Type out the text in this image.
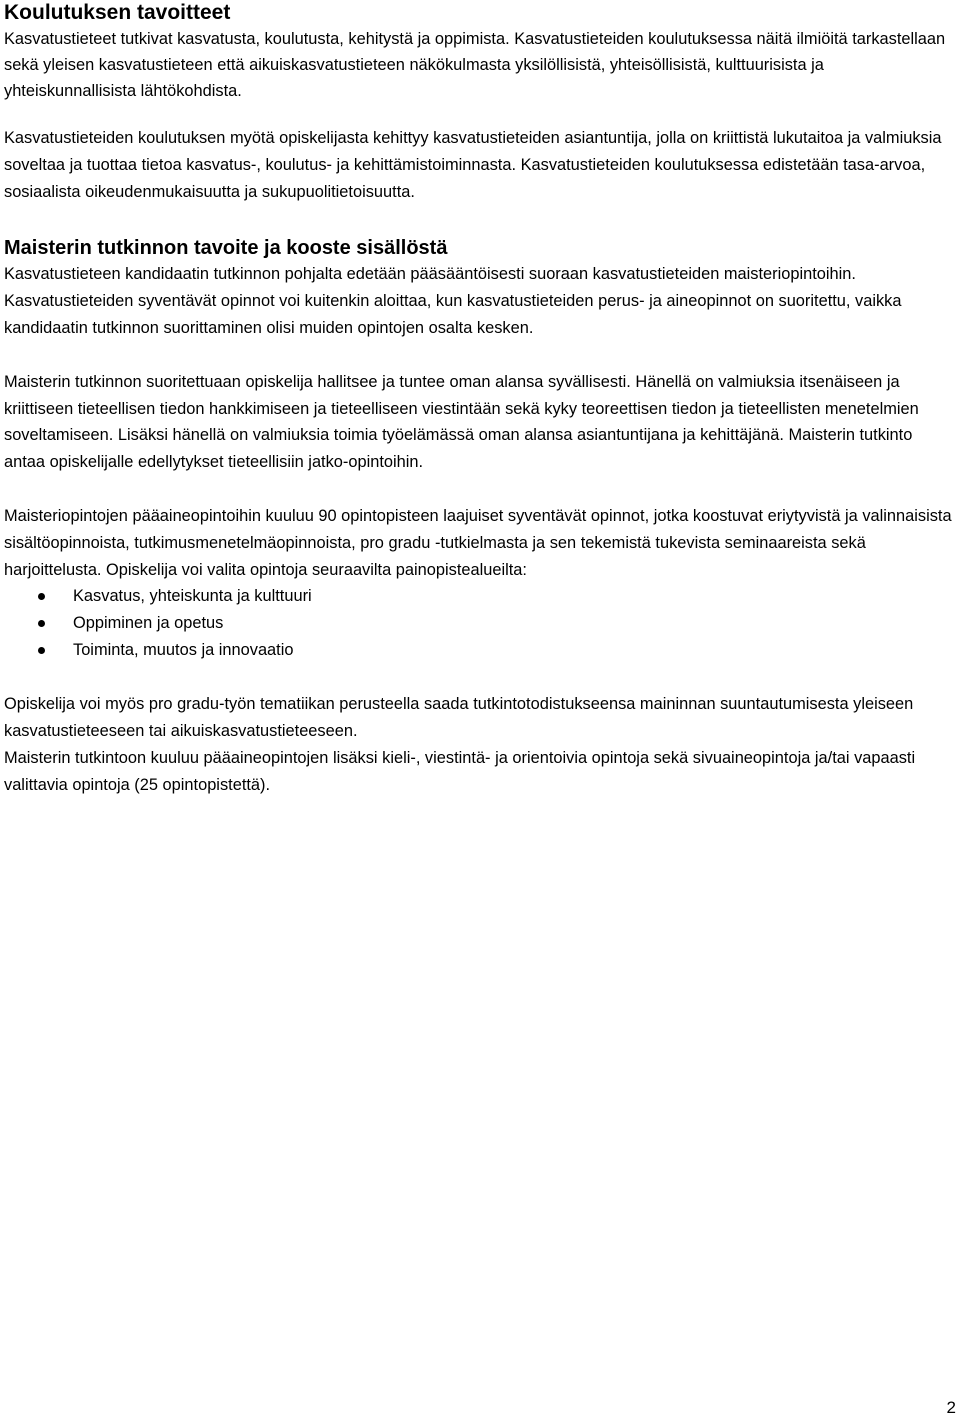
Koulutuksen tavoitteet

Kasvatustieteet tutkivat kasvatusta, koulutusta, kehitystä ja oppimista. Kasvatustieteiden koulutuksessa näitä ilmiöitä tarkastellaan sekä yleisen kasvatustieteen että aikuiskasvatustieteen näkökulmasta yksilöllisistä, yhteisöllisistä, kulttuurisista ja yhteiskunnallisista lähtökohdista.

Kasvatustieteiden koulutuksen myötä opiskelijasta kehittyy kasvatustieteiden asiantuntija, jolla on kriittistä lukutaitoa ja valmiuksia soveltaa ja tuottaa tietoa kasvatus-, koulutus- ja kehittämistoiminnasta. Kasvatustieteiden koulutuksessa edistetään tasa-arvoa, sosiaalista oikeudenmukaisuutta ja sukupuolitietoisuutta.

Maisterin tutkinnon tavoite ja kooste sisällöstä

Kasvatustieteen kandidaatin tutkinnon pohjalta edetään pääsääntöisesti suoraan kasvatustieteiden maisteriopintoihin. Kasvatustieteiden syventävät opinnot voi kuitenkin aloittaa, kun kasvatustieteiden perus- ja aineopinnot on suoritettu, vaikka kandidaatin tutkinnon suorittaminen olisi muiden opintojen osalta kesken.

Maisterin tutkinnon suoritettuaan opiskelija hallitsee ja tuntee oman alansa syvällisesti. Hänellä on valmiuksia itsenäiseen ja kriittiseen tieteellisen tiedon hankkimiseen ja tieteelliseen viestintään sekä kyky teoreettisen tiedon ja tieteellisten menetelmien soveltamiseen. Lisäksi hänellä on valmiuksia toimia työelämässä oman alansa asiantuntijana ja kehittäjänä. Maisterin tutkinto antaa opiskelijalle edellytykset tieteellisiin jatko-opintoihin.

Maisteriopintojen pääaineopintoihin kuuluu 90 opintopisteen laajuiset syventävät opinnot, jotka koostuvat eriytyvistä ja valinnaisista sisältöopinnoista, tutkimusmenetelmäopinnoista, pro gradu -tutkielmasta ja sen tekemistä tukevista seminaareista sekä harjoittelusta. Opiskelija voi valita opintoja seuraavilta painopistealueilta:

Kasvatus, yhteiskunta ja kulttuuri
Oppiminen ja opetus
Toiminta, muutos ja innovaatio

Opiskelija voi myös pro gradu-työn tematiikan perusteella saada tutkintotodistukseensa maininnan suuntautumisesta yleiseen kasvatustieteeseen tai aikuiskasvatustieteeseen.

Maisterin tutkintoon kuuluu pääaineopintojen lisäksi kieli-, viestintä- ja orientoivia opintoja sekä sivuaineopintoja ja/tai vapaasti valittavia opintoja (25 opintopistettä).

2
